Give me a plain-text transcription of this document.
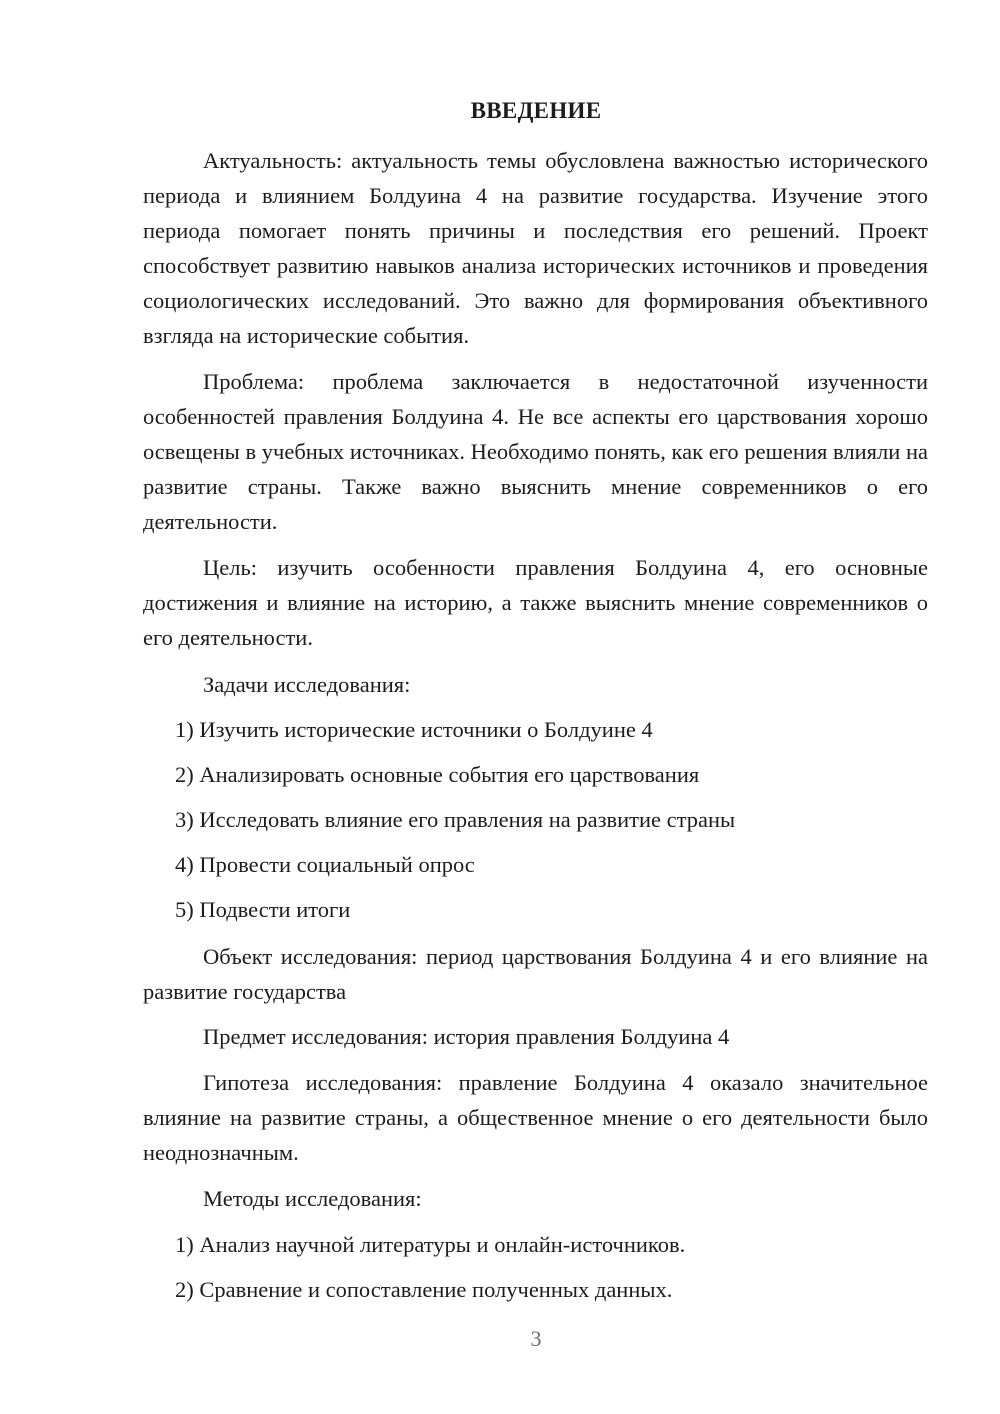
ВВЕДЕНИЕ

Актуальность: актуальность темы обусловлена важностью исторического периода и влиянием Болдуина 4 на развитие государства. Изучение этого периода помогает понять причины и последствия его решений. Проект способствует развитию навыков анализа исторических источников и проведения социологических исследований. Это важно для формирования объективного взгляда на исторические события.

Проблема: проблема заключается в недостаточной изученности особенностей правления Болдуина 4. Не все аспекты его царствования хорошо освещены в учебных источниках. Необходимо понять, как его решения влияли на развитие страны. Также важно выяснить мнение современников о его деятельности.

Цель: изучить особенности правления Болдуина 4, его основные достижения и влияние на историю, а также выяснить мнение современников о его деятельности.

Задачи исследования:

1) Изучить исторические источники о Болдуине 4

2) Анализировать основные события его царствования

3) Исследовать влияние его правления на развитие страны

4) Провести социальный опрос

5) Подвести итоги

Объект исследования: период царствования Болдуина 4 и его влияние на развитие государства

Предмет исследования: история правления Болдуина 4

Гипотеза исследования: правление Болдуина 4 оказало значительное влияние на развитие страны, а общественное мнение о его деятельности было неоднозначным.

Методы исследования:

1) Анализ научной литературы и онлайн-источников.

2) Сравнение и сопоставление полученных данных.

3
